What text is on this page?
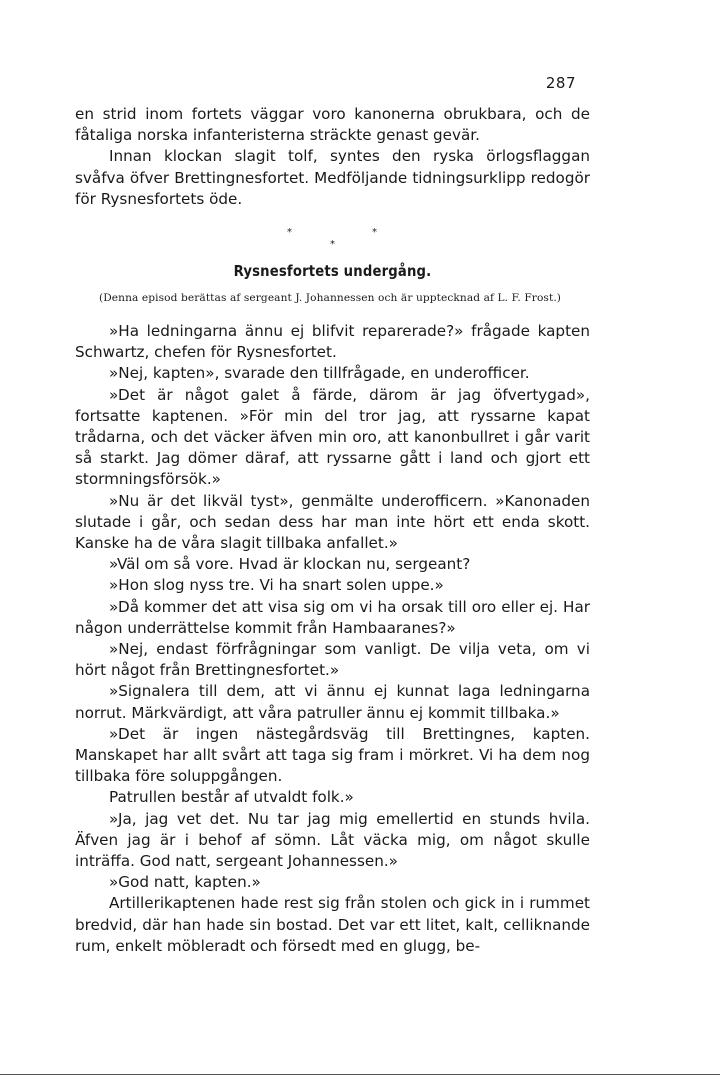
287

en strid inom fortets väggar voro kanonerna obrukbara, och de fåtaliga norska infanteristerna sträckte genast gevär.

Innan klockan slagit tolf, syntes den ryska örlogsflaggan svåfva öfver Brettingnesfortet. Medföljande tidningsurklipp redogör för Rysnesfortets öde.

*	*
*
Rysnesfortets undergång.
(Denna episod berättas af sergeant J. Johannessen och är upptecknad af L. F. Frost.)

»Ha ledningarna ännu ej blifvit reparerade?» frågade kapten Schwartz, chefen för Rysnesfortet.

»Nej, kapten», svarade den tillfrågade, en underofficer.

»Det är något galet å färde, därom är jag öfvertygad», fortsatte kaptenen. »För min del tror jag, att ryssarne kapat trådarna, och det väcker äfven min oro, att kanonbullret i går varit så starkt. Jag dömer däraf, att ryssarne gått i land och gjort ett stormningsförsök.»

»Nu är det likväl tyst», genmälte underofficern. »Kanonaden slutade i går, och sedan dess har man inte hört ett enda skott. Kanske ha de våra slagit tillbaka anfallet.»

»Väl om så vore. Hvad är klockan nu, sergeant?

»Hon slog nyss tre. Vi ha snart solen uppe.»

»Då kommer det att visa sig om vi ha orsak till oro eller ej. Har någon underrättelse kommit från Hambaaranes?»

»Nej, endast förfrågningar som vanligt. De vilja veta, om vi hört något från Brettingnesfortet.»

»Signalera till dem, att vi ännu ej kunnat laga ledningarna norrut. Märkvärdigt, att våra patruller ännu ej kommit tillbaka.»

»Det är ingen nästegårdsväg till Brettingnes, kapten. Manskapet har allt svårt att taga sig fram i mörkret. Vi ha dem nog tillbaka före soluppgången.

Patrullen består af utvaldt folk.»

»Ja, jag vet det. Nu tar jag mig emellertid en stunds hvila. Äfven jag är i behof af sömn. Låt väcka mig, om något skulle inträffa. God natt, sergeant Johannessen.»

»God natt, kapten.»

Artillerikaptenen hade rest sig från stolen och gick in i rummet bredvid, där han hade sin bostad. Det var ett litet, kalt, celliknande rum, enkelt möbleradt och försedt med en glugg, be-
